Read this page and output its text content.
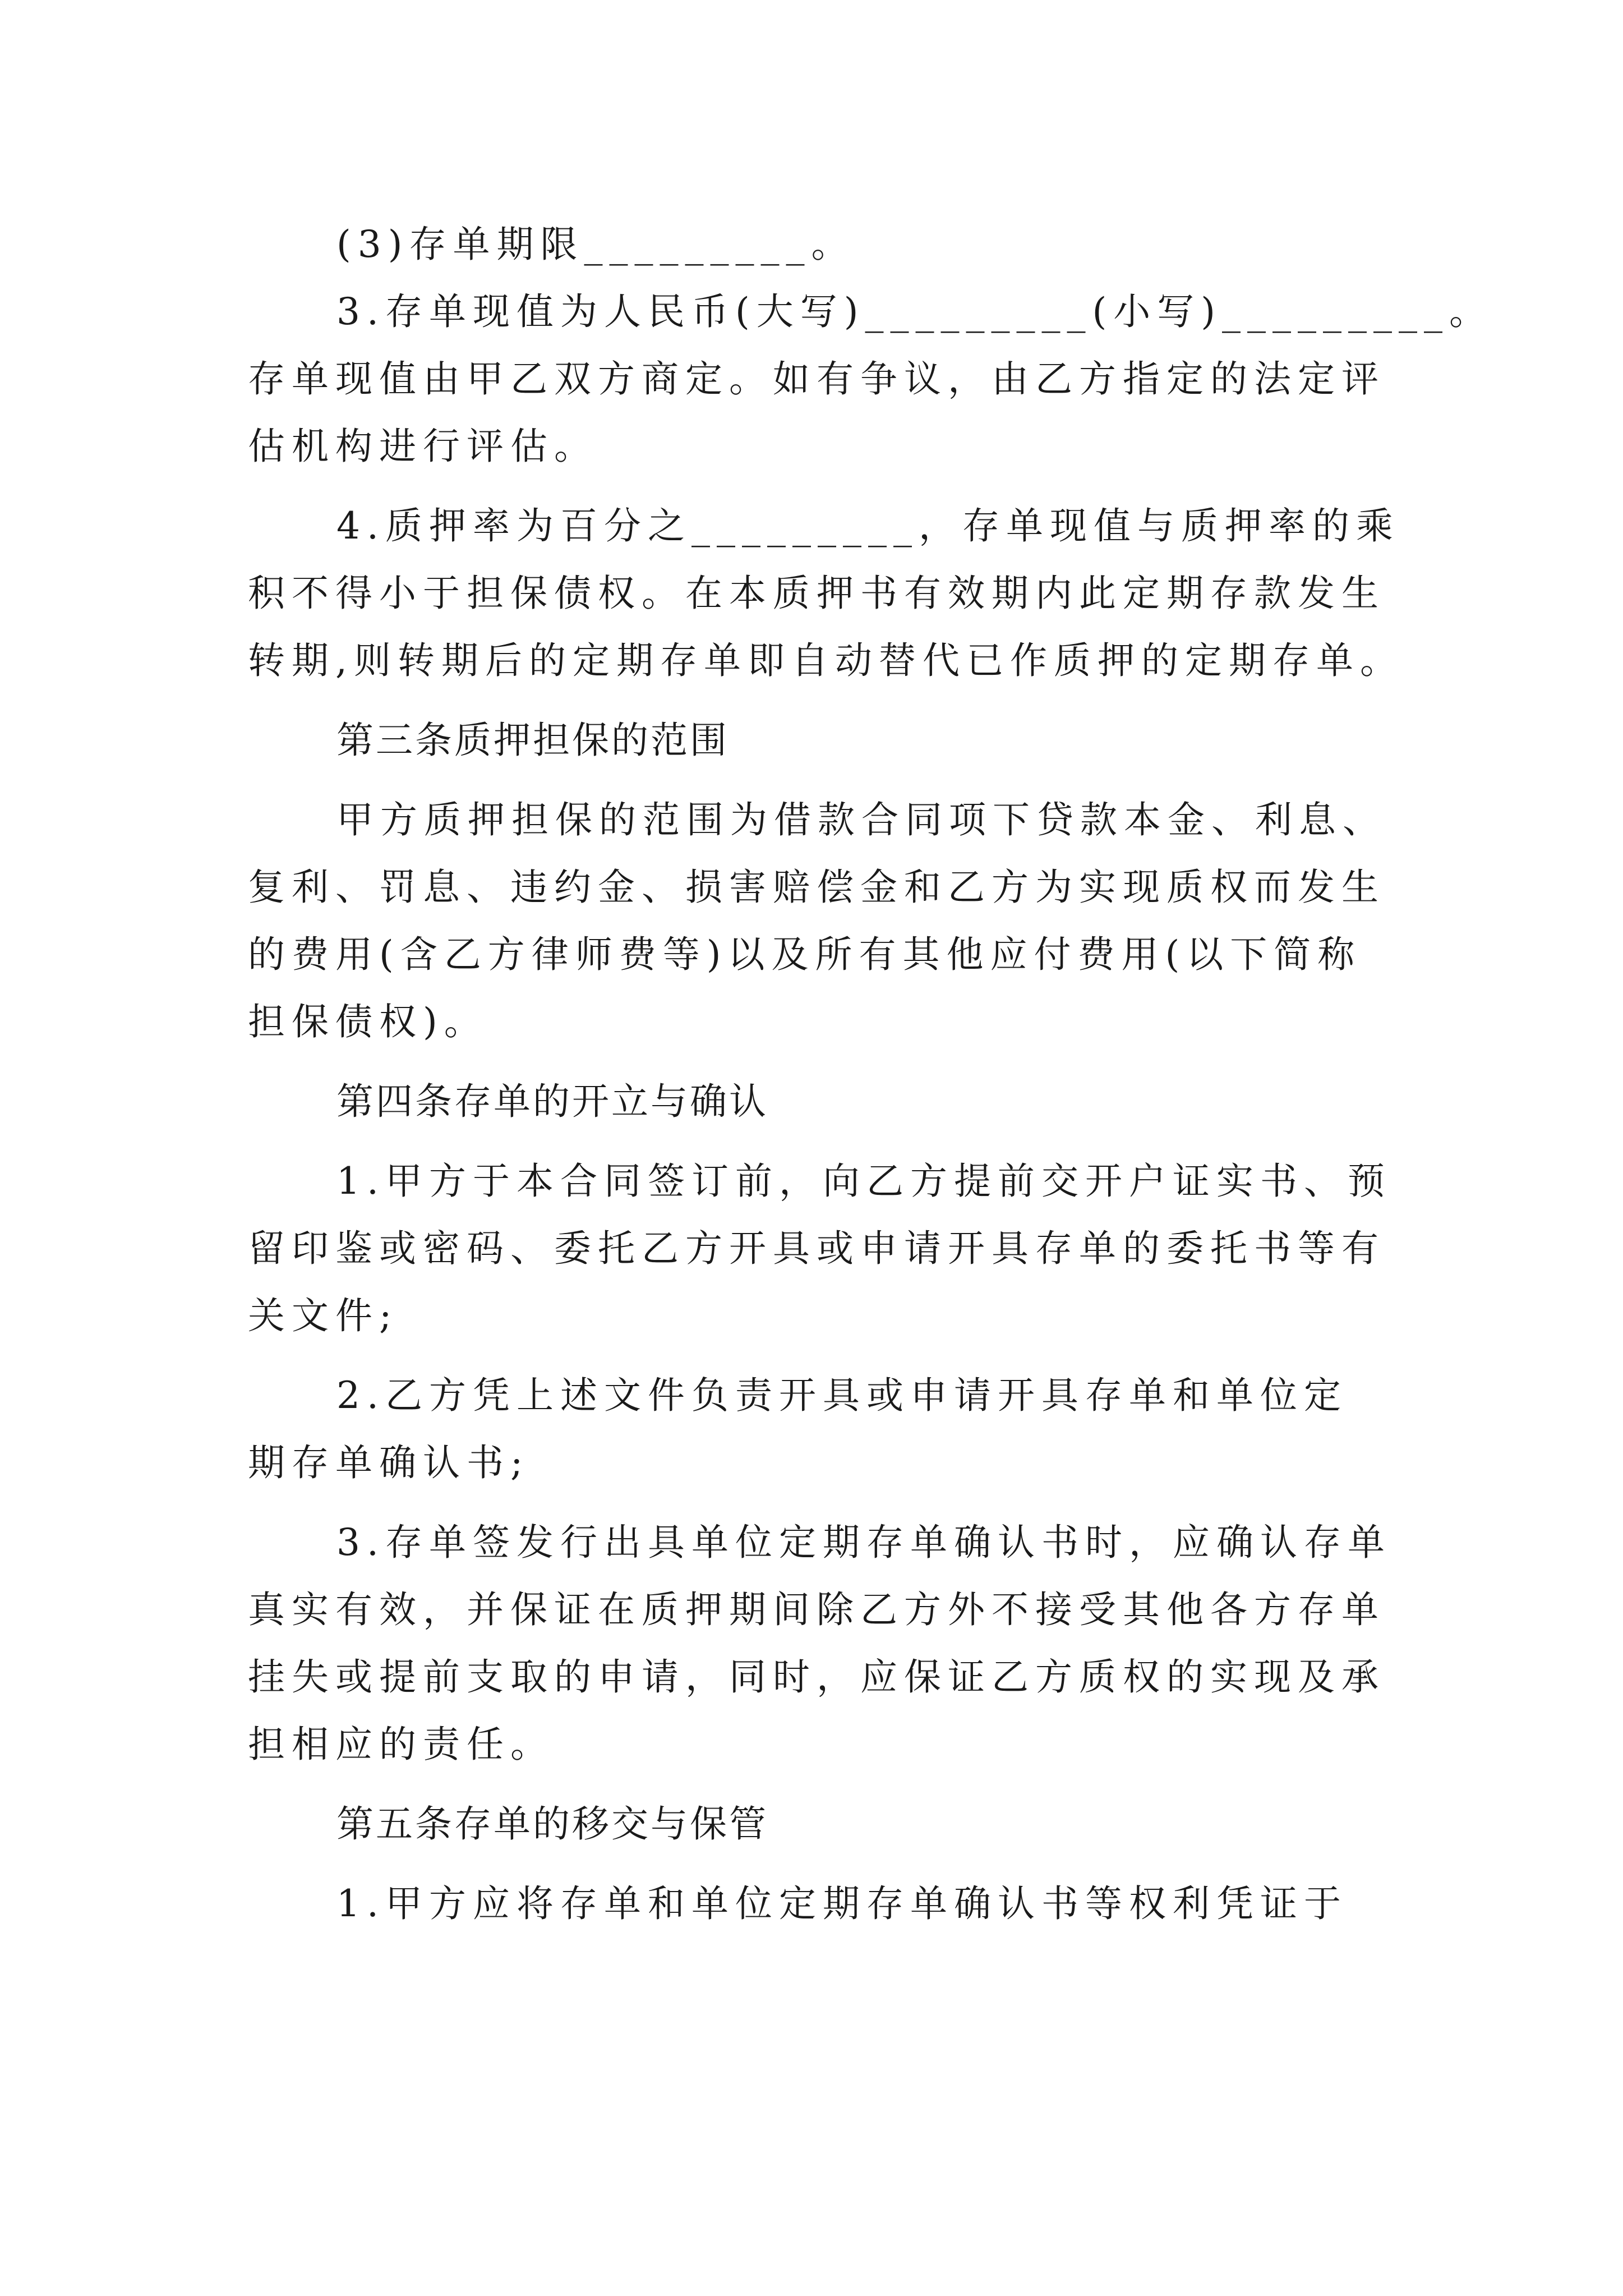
(3)存单期限_________。

3.存单现值为人民币(大写)_________(小写)_________。

存单现值由甲乙双方商定。如有争议，由乙方指定的法定评

估机构进行评估。

4.质押率为百分之_________，存单现值与质押率的乘

积不得小于担保债权。在本质押书有效期内此定期存款发生

转期,则转期后的定期存单即自动替代已作质押的定期存单。

第三条质押担保的范围

甲方质押担保的范围为借款合同项下贷款本金、利息、

复利、罚息、违约金、损害赔偿金和乙方为实现质权而发生

的费用(含乙方律师费等)以及所有其他应付费用(以下简称

担保债权)。

第四条存单的开立与确认

1.甲方于本合同签订前，向乙方提前交开户证实书、预

留印鉴或密码、委托乙方开具或申请开具存单的委托书等有

关文件;

2.乙方凭上述文件负责开具或申请开具存单和单位定

期存单确认书;

3.存单签发行出具单位定期存单确认书时，应确认存单

真实有效，并保证在质押期间除乙方外不接受其他各方存单

挂失或提前支取的申请，同时，应保证乙方质权的实现及承

担相应的责任。

第五条存单的移交与保管

1.甲方应将存单和单位定期存单确认书等权利凭证于
